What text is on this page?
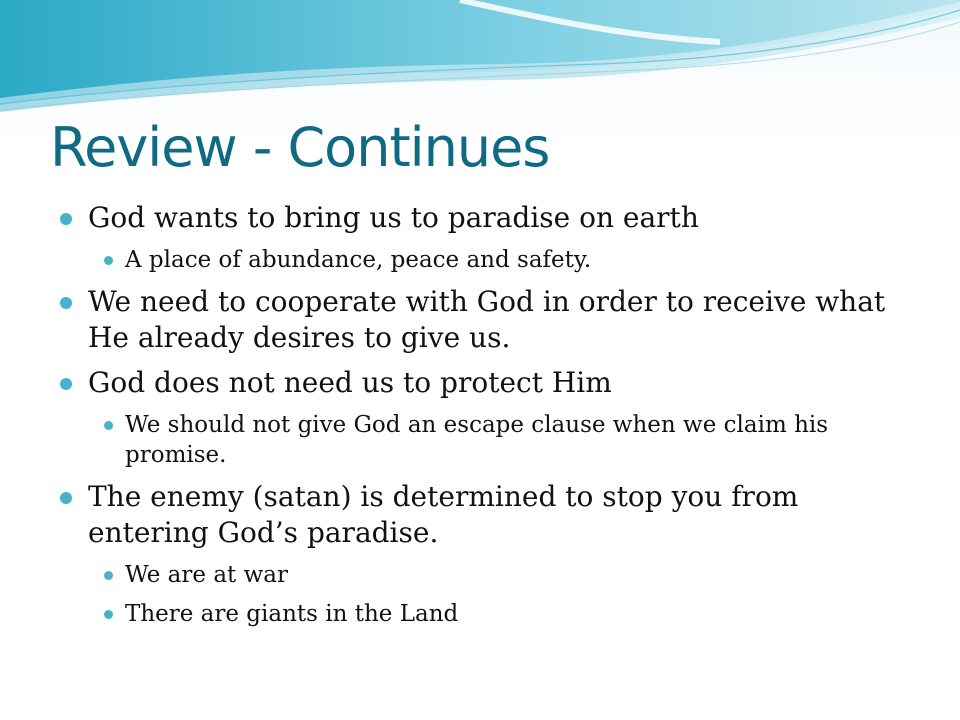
Review - Continues
God wants to bring us to paradise on earth
A place of abundance, peace and safety.
We need to cooperate with God in order to receive what He already desires to give us.
God does not need us to protect Him
We should not give God an escape clause when we claim his promise.
The enemy (satan) is determined to stop you from entering God’s paradise.
We are at war
There are giants in the Land
